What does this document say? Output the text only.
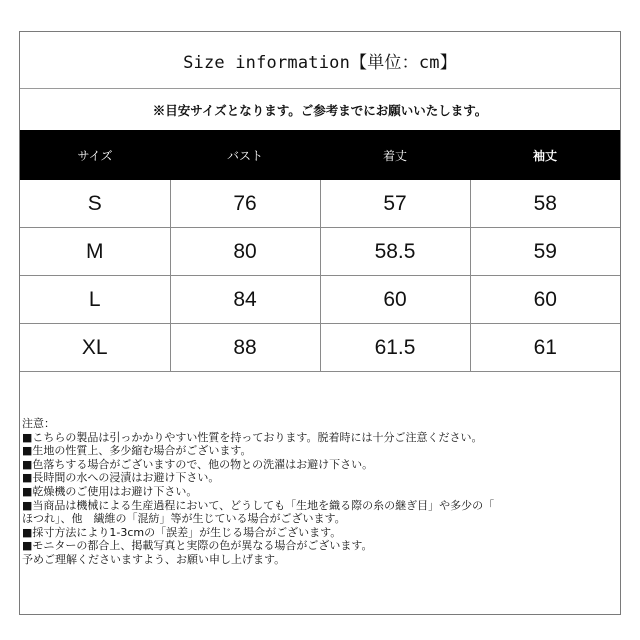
Size information【単位：cm】
※目安サイズとなります。ご参考までにお願いいたします。
サイズ	バスト	着丈	袖丈
S	76	57	58
M	80	58.5	59
L	84	60	60
XL	88	61.5	61
注意：
■こちらの製品は引っかかりやすい性質を持っております。脱着時には十分ご注意ください。
■生地の性質上、多少縮む場合がございます。
■色落ちする場合がございますので、他の物との洗濯はお避け下さい。
■長時間の水への浸漬はお避け下さい。
■乾燥機のご使用はお避け下さい。
■当商品は機械による生産過程において、どうしても「生地を織る際の糸の継ぎ目」や多少の「
ほつれ」、他　繊維の「混紡」等が生じている場合がございます。
■採寸方法により1-3cmの「誤差」が生じる場合がございます。
■モニターの都合上、掲載写真と実際の色が異なる場合がございます。
予めご理解くださいますよう、お願い申し上げます。
